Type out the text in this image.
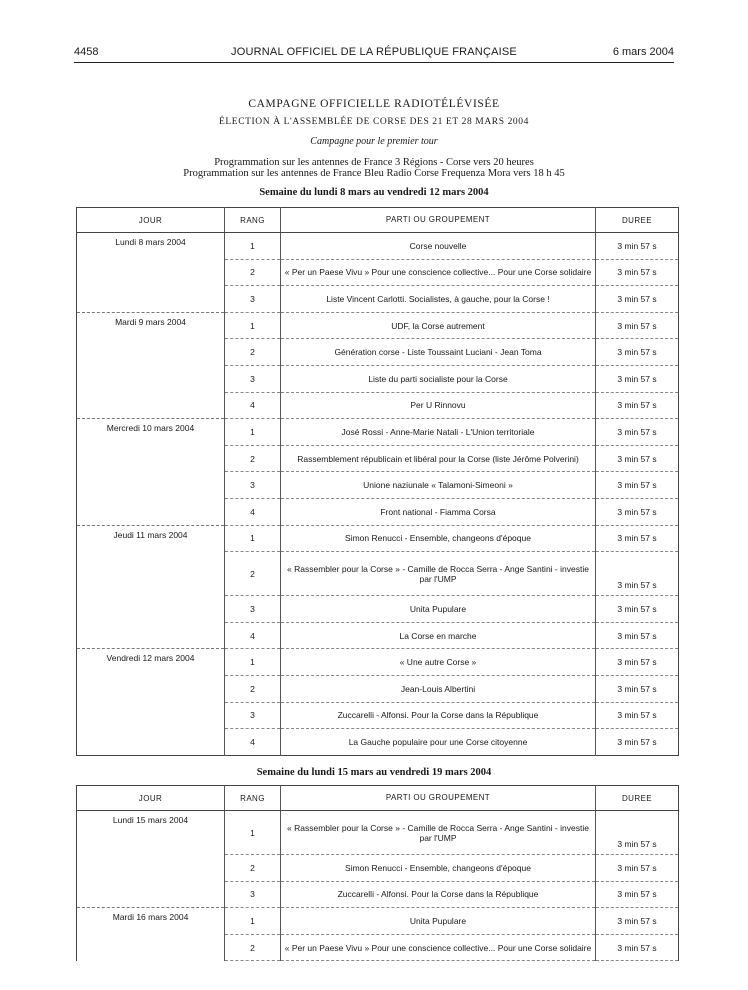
4458	JOURNAL OFFICIEL DE LA RÉPUBLIQUE FRANÇAISE	6 mars 2004
CAMPAGNE OFFICIELLE RADIOTÉLÉVISÉE
ÉLECTION À L'ASSEMBLÉE DE CORSE DES 21 ET 28 MARS 2004
Campagne pour le premier tour
Programmation sur les antennes de France 3 Régions - Corse vers 20 heures
Programmation sur les antennes de France Bleu Radio Corse Frequenza Mora vers 18 h 45
Semaine du lundi 8 mars au vendredi 12 mars 2004
JOUR	RANG	PARTI OU GROUPEMENT	DUREE
Lundi 8 mars 2004	1	Corse nouvelle	3 min 57 s
	2	« Per un Paese Vivu » Pour une conscience collective... Pour une Corse solidaire	3 min 57 s
	3	Liste Vincent Carlotti. Socialistes, à gauche, pour la Corse !	3 min 57 s
Mardi 9 mars 2004	1	UDF, la Corse autrement	3 min 57 s
	2	Génération corse - Liste Toussaint Luciani - Jean Toma	3 min 57 s
	3	Liste du parti socialiste pour la Corse	3 min 57 s
	4	Per U Rinnovu	3 min 57 s
Mercredi 10 mars 2004	1	José Rossi - Anne-Marie Natali - L'Union territoriale	3 min 57 s
	2	Rassemblement républicain et libéral pour la Corse (liste Jérôme Polverini)	3 min 57 s
	3	Unione naziunale « Talamoni-Simeoni »	3 min 57 s
	4	Front national - Fiamma Corsa	3 min 57 s
Jeudi 11 mars 2004	1	Simon Renucci - Ensemble, changeons d'époque	3 min 57 s
	2	« Rassembler pour la Corse » - Camille de Rocca Serra - Ange Santini - investie par l'UMP	3 min 57 s
	3	Unita Pupulare	3 min 57 s
	4	La Corse en marche	3 min 57 s
Vendredi 12 mars 2004	1	« Une autre Corse »	3 min 57 s
	2	Jean-Louis Albertini	3 min 57 s
	3	Zuccarelli - Alfonsi. Pour la Corse dans la République	3 min 57 s
	4	La Gauche populaire pour une Corse citoyenne	3 min 57 s
Semaine du lundi 15 mars au vendredi 19 mars 2004
JOUR	RANG	PARTI OU GROUPEMENT	DUREE
Lundi 15 mars 2004	1	« Rassembler pour la Corse » - Camille de Rocca Serra - Ange Santini - investie par l'UMP	3 min 57 s
	2	Simon Renucci - Ensemble, changeons d'époque	3 min 57 s
	3	Zuccarelli - Alfonsi. Pour la Corse dans la République	3 min 57 s
Mardi 16 mars 2004	1	Unita Pupulare	3 min 57 s
	2	« Per un Paese Vivu » Pour une conscience collective... Pour une Corse solidaire	3 min 57 s
